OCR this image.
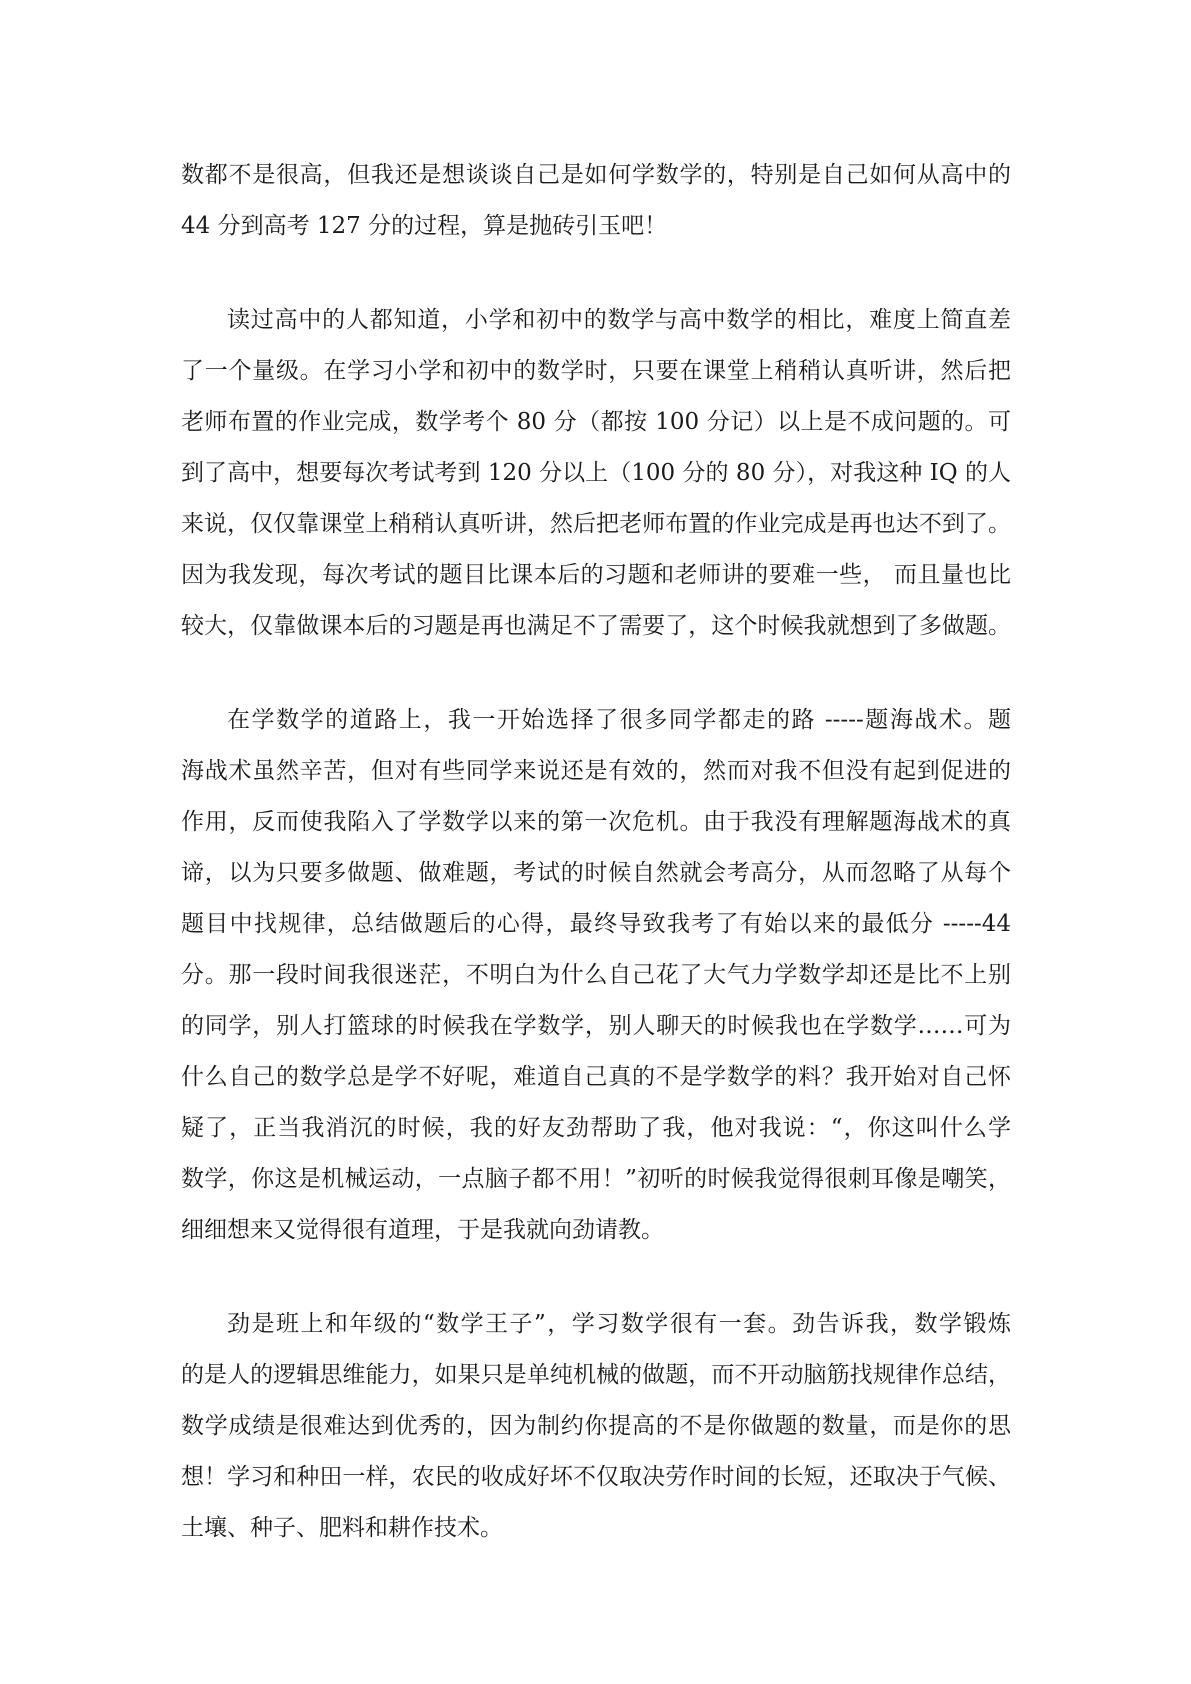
数都不是很高，但我还是想谈谈自己是如何学数学的，特别是自己如何从高中的
44 分到高考 127 分的过程，算是抛砖引玉吧！
读过高中的人都知道，小学和初中的数学与高中数学的相比，难度上简直差
了一个量级。在学习小学和初中的数学时，只要在课堂上稍稍认真听讲，然后把
老师布置的作业完成，数学考个 80 分（都按 100 分记）以上是不成问题的。可
到了高中，想要每次考试考到 120 分以上（100 分的 80 分），对我这种 IQ 的人
来说，仅仅靠课堂上稍稍认真听讲，然后把老师布置的作业完成是再也达不到了。
因为我发现，每次考试的题目比课本后的习题和老师讲的要难一些， 而且量也比
较大，仅靠做课本后的习题是再也满足不了需要了，这个时候我就想到了多做题。
在学数学的道路上，我一开始选择了很多同学都走的路 -----题海战术。题
海战术虽然辛苦，但对有些同学来说还是有效的，然而对我不但没有起到促进的
作用，反而使我陷入了学数学以来的第一次危机。由于我没有理解题海战术的真
谛，以为只要多做题、做难题，考试的时候自然就会考高分，从而忽略了从每个
题目中找规律，总结做题后的心得，最终导致我考了有始以来的最低分 -----44
分。那一段时间我很迷茫，不明白为什么自己花了大气力学数学却还是比不上别
的同学，别人打篮球的时候我在学数学，别人聊天的时候我也在学数学……可为
什么自己的数学总是学不好呢，难道自己真的不是学数学的料？我开始对自己怀
疑了，正当我消沉的时候，我的好友劲帮助了我，他对我说：“，你这叫什么学
数学，你这是机械运动，一点脑子都不用！”初听的时候我觉得很刺耳像是嘲笑，
细细想来又觉得很有道理，于是我就向劲请教。
劲是班上和年级的“数学王子”，学习数学很有一套。劲告诉我，数学锻炼
的是人的逻辑思维能力，如果只是单纯机械的做题，而不开动脑筋找规律作总结，
数学成绩是很难达到优秀的，因为制约你提高的不是你做题的数量，而是你的思
想！学习和种田一样，农民的收成好坏不仅取决劳作时间的长短，还取决于气候、
土壤、种子、肥料和耕作技术。
